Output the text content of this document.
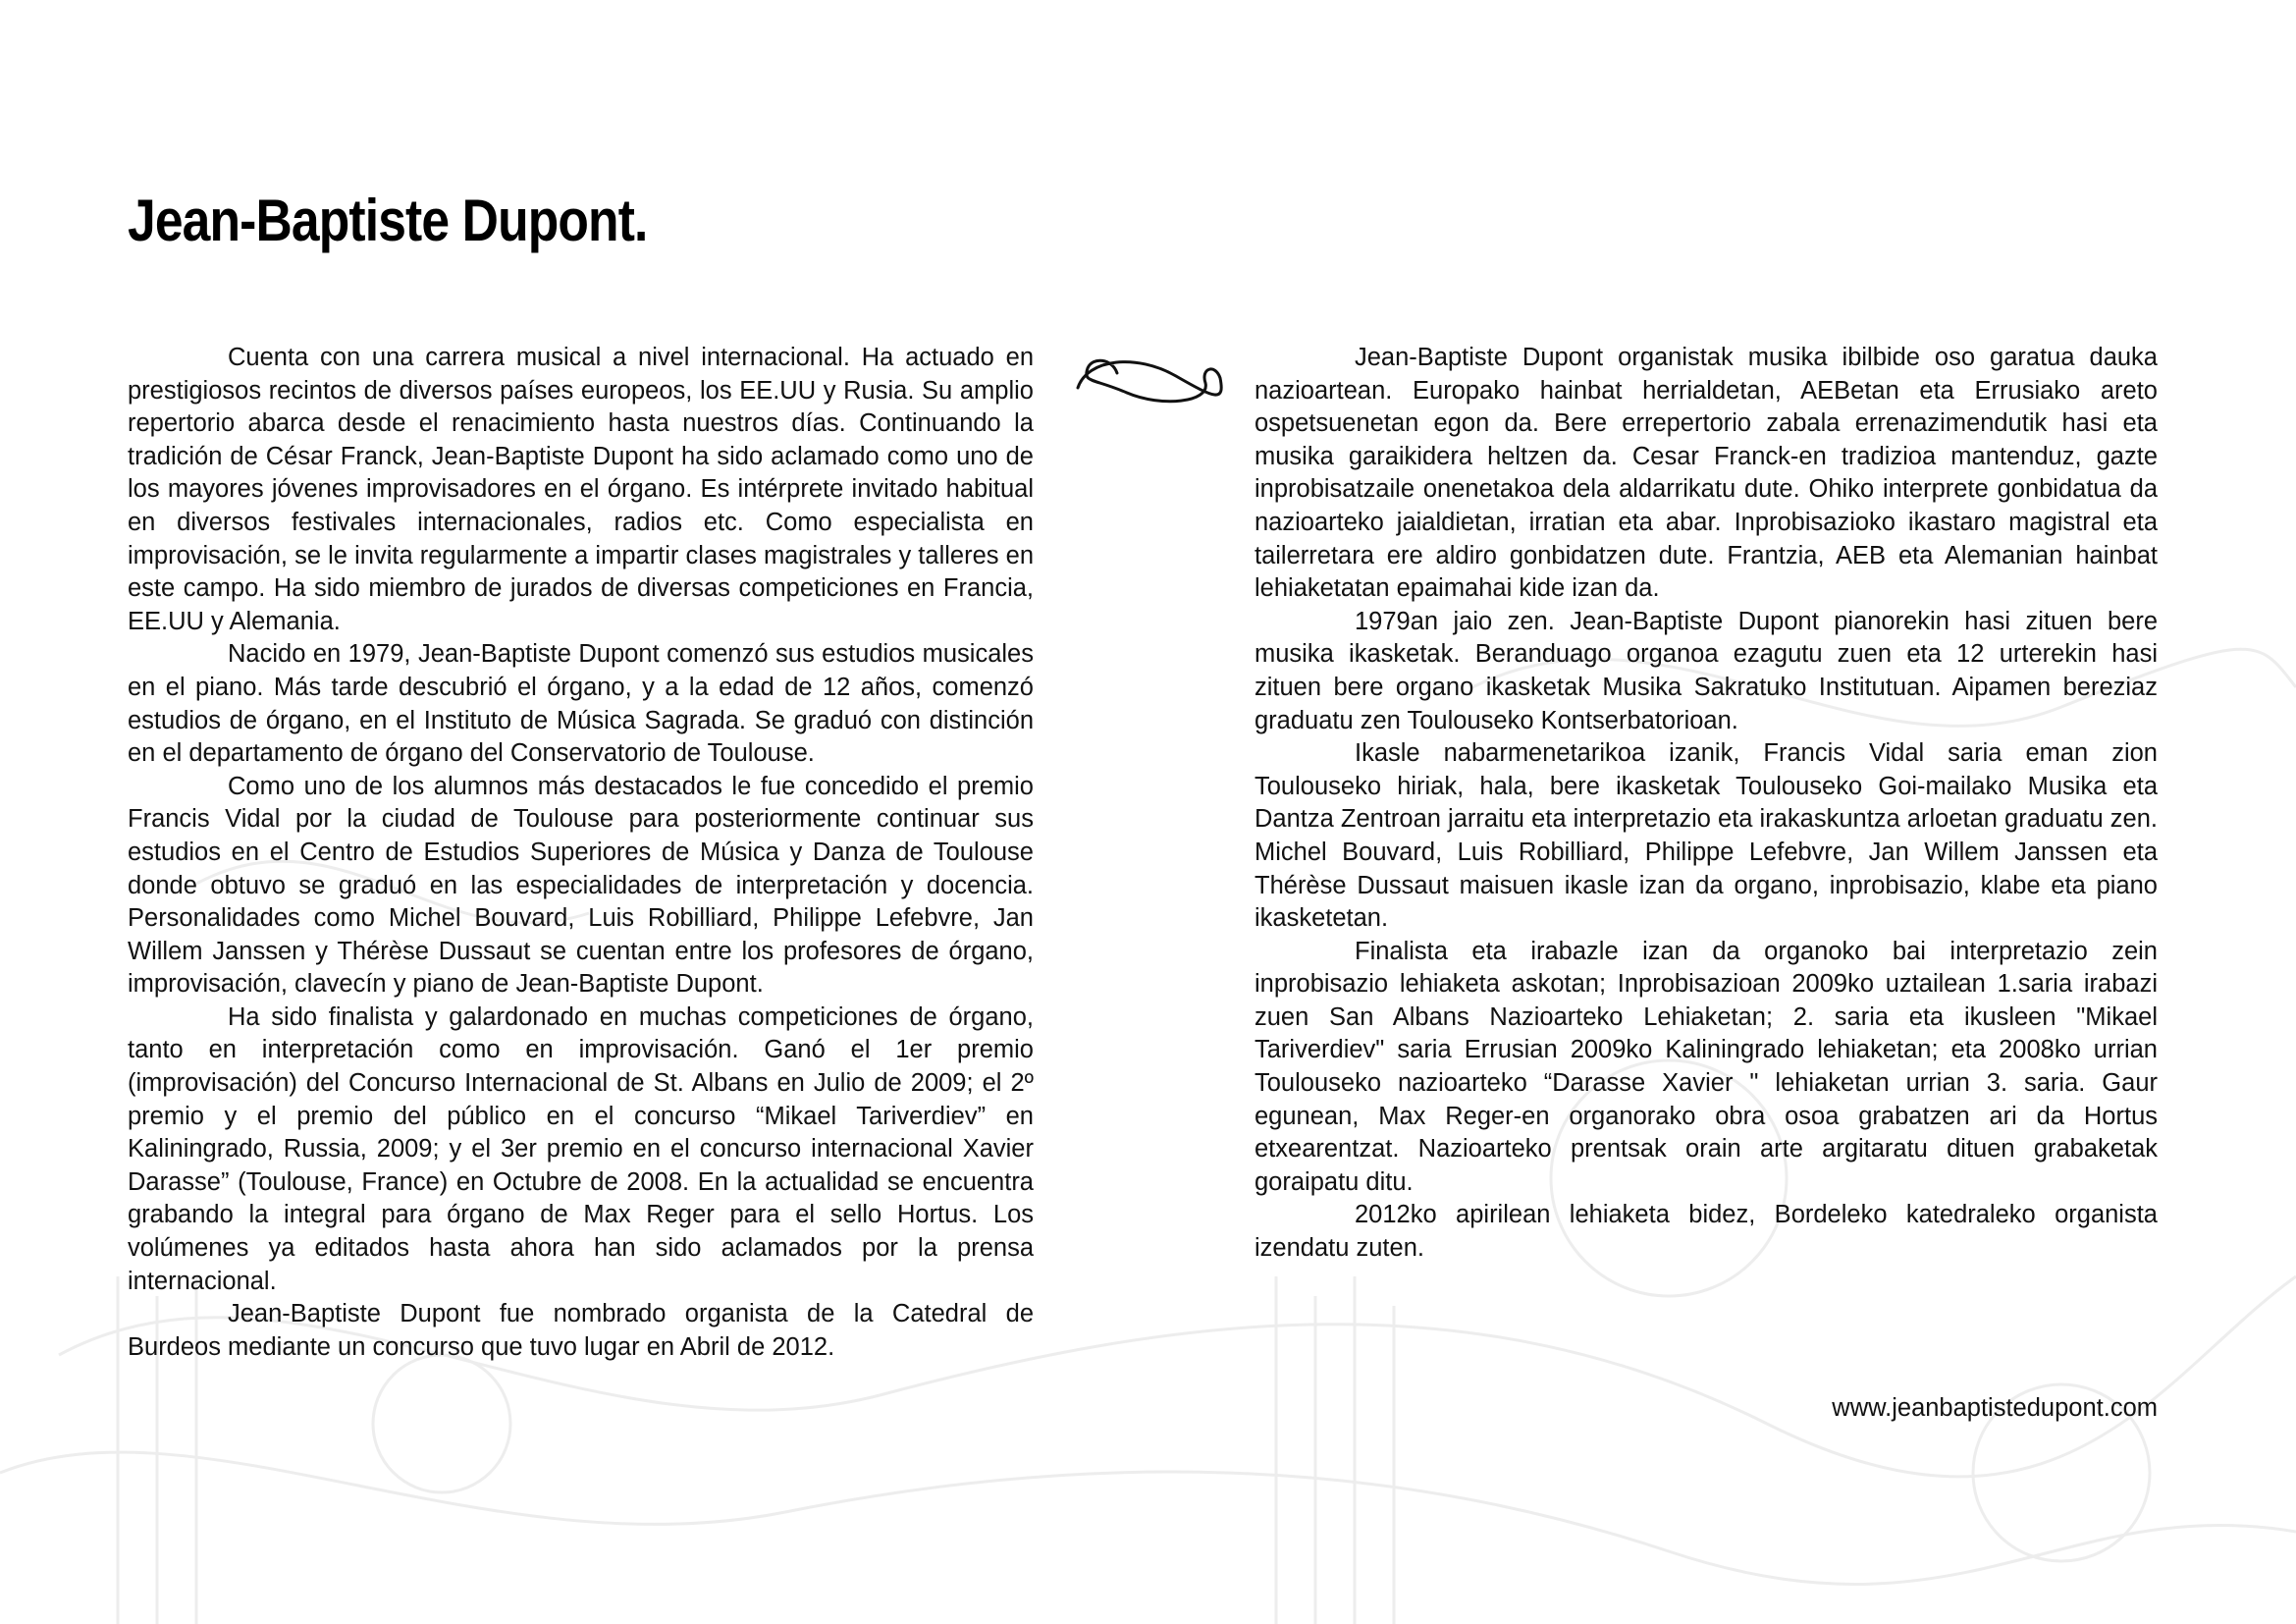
Jean-Baptiste Dupont.

Cuenta con una carrera musical a nivel internacional. Ha actuado en prestigiosos recintos de diversos países europeos, los EE.UU y Rusia. Su amplio repertorio abarca desde el renacimiento hasta nuestros días. Continuando la tradición de César Franck, Jean-Baptiste Dupont ha sido aclamado como uno de los mayores jóvenes improvisadores en el órgano. Es intérprete invitado habitual en diversos festivales internacionales, radios etc. Como especialista en improvisación, se le invita regularmente a impartir clases magistrales y talleres en este campo. Ha sido miembro de jurados de diversas competiciones en Francia, EE.UU y Alemania.

Nacido en 1979, Jean-Baptiste Dupont comenzó sus estudios musicales en el piano. Más tarde descubrió el órgano, y a la edad de 12 años, comenzó estudios de órgano, en el Instituto de Música Sagrada. Se graduó con distinción en el departamento de órgano del Conservatorio de Toulouse.

Como uno de los alumnos más destacados le fue concedido el premio Francis Vidal por la ciudad de Toulouse para posteriormente continuar sus estudios en el Centro de Estudios Superiores de Música y Danza de Toulouse donde obtuvo se graduó en las especialidades de interpretación y docencia. Personalidades como Michel Bouvard, Luis Robilliard, Philippe Lefebvre, Jan Willem Janssen y Thérèse Dussaut se cuentan entre los profesores de órgano, improvisación, clavecín y piano de Jean-Baptiste Dupont.

Ha sido finalista y galardonado en muchas competiciones de órgano, tanto en interpretación como en improvisación. Ganó el 1er premio (improvisación) del Concurso Internacional de St. Albans en Julio de 2009; el 2º premio y el premio del público en el concurso “Mikael Tariverdiev” en Kaliningrado, Russia, 2009; y el 3er premio en el concurso internacional Xavier Darasse” (Toulouse, France) en Octubre de 2008. En la actualidad se encuentra grabando la integral para órgano de Max Reger para el sello Hortus. Los volúmenes ya editados hasta ahora han sido aclamados por la prensa internacional.

Jean-Baptiste Dupont fue nombrado organista de la Catedral de Burdeos mediante un concurso que tuvo lugar en Abril de 2012.

Jean-Baptiste Dupont organistak musika ibilbide oso garatua dauka nazioartean. Europako hainbat herrialdetan, AEBetan eta Errusiako areto ospetsuenetan egon da. Bere errepertorio zabala errenazimendutik hasi eta musika garaikidera heltzen da. Cesar Franck-en tradizioa mantenduz, gazte inprobisatzaile onenetakoa dela aldarrikatu dute. Ohiko interprete gonbidatua da nazioarteko jaialdietan, irratian eta abar. Inprobisazioko ikastaro magistral eta tailerretara ere aldiro gonbidatzen dute. Frantzia, AEB eta Alemanian hainbat lehiaketatan epaimahai kide izan da.

1979an jaio zen. Jean-Baptiste Dupont pianorekin hasi zituen bere musika ikasketak. Beranduago organoa ezagutu zuen eta 12 urterekin hasi zituen bere organo ikasketak Musika Sakratuko Institutuan. Aipamen bereziaz graduatu zen Toulouseko Kontserbatorioan.

Ikasle nabarmenetarikoa izanik, Francis Vidal saria eman zion Toulouseko hiriak, hala, bere ikasketak Toulouseko Goi-mailako Musika eta Dantza Zentroan jarraitu eta interpretazio eta irakaskuntza arloetan graduatu zen. Michel Bouvard, Luis Robilliard, Philippe Lefebvre, Jan Willem Janssen eta Thérèse Dussaut maisuen ikasle izan da organo, inprobisazio, klabe eta piano ikasketetan.

Finalista eta irabazle izan da organoko bai interpretazio zein inprobisazio lehiaketa askotan; Inprobisazioan 2009ko uztailean 1.saria irabazi zuen San Albans Nazioarteko Lehiaketan; 2. saria eta ikusleen "Mikael Tariverdiev" saria Errusian 2009ko Kaliningrado lehiaketan; eta 2008ko urrian Toulouseko nazioarteko “Darasse Xavier " lehiaketan urrian 3. saria. Gaur egunean, Max Reger-en organorako obra osoa grabatzen ari da Hortus etxearentzat. Nazioarteko prentsak orain arte argitaratu dituen grabaketak goraipatu ditu.

2012ko apirilean lehiaketa bidez, Bordeleko katedraleko organista izendatu zuten.

www.jeanbaptistedupont.com
